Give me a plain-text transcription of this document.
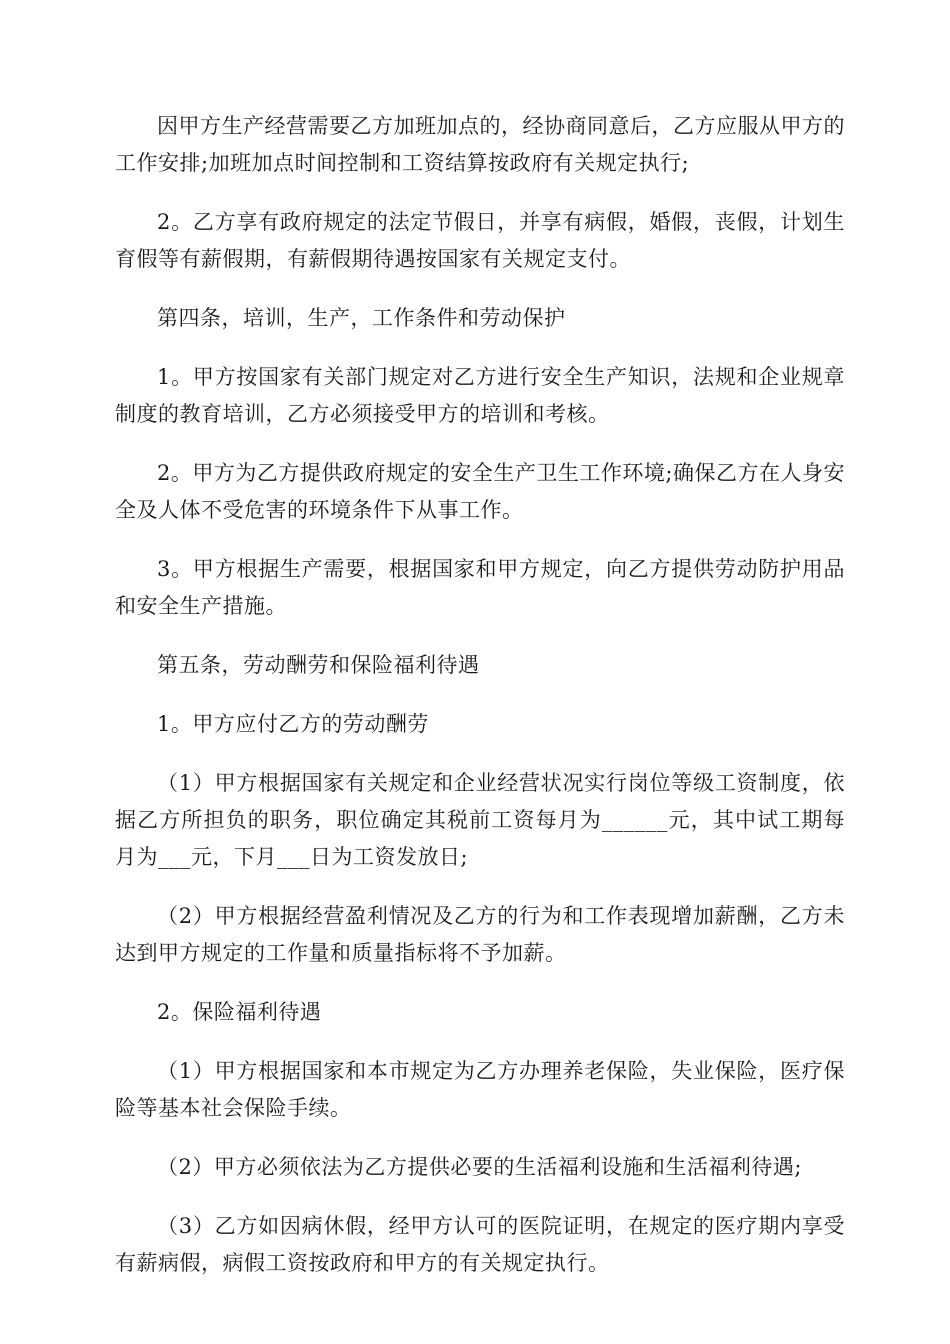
因甲方生产经营需要乙方加班加点的，经协商同意后，乙方应服从甲方的工作安排;加班加点时间控制和工资结算按政府有关规定执行;

2。乙方享有政府规定的法定节假日，并享有病假，婚假，丧假，计划生育假等有薪假期，有薪假期待遇按国家有关规定支付。

第四条，培训，生产，工作条件和劳动保护

1。甲方按国家有关部门规定对乙方进行安全生产知识，法规和企业规章制度的教育培训，乙方必须接受甲方的培训和考核。

2。甲方为乙方提供政府规定的安全生产卫生工作环境;确保乙方在人身安全及人体不受危害的环境条件下从事工作。

3。甲方根据生产需要，根据国家和甲方规定，向乙方提供劳动防护用品和安全生产措施。

第五条，劳动酬劳和保险福利待遇

1。甲方应付乙方的劳动酬劳

（1）甲方根据国家有关规定和企业经营状况实行岗位等级工资制度，依据乙方所担负的职务，职位确定其税前工资每月为______元，其中试工期每月为___元，下月___日为工资发放日;

（2）甲方根据经营盈利情况及乙方的行为和工作表现增加薪酬，乙方未达到甲方规定的工作量和质量指标将不予加薪。

2。保险福利待遇

（1）甲方根据国家和本市规定为乙方办理养老保险，失业保险，医疗保险等基本社会保险手续。

（2）甲方必须依法为乙方提供必要的生活福利设施和生活福利待遇;

（3）乙方如因病休假，经甲方认可的医院证明，在规定的医疗期内享受有薪病假，病假工资按政府和甲方的有关规定执行。
